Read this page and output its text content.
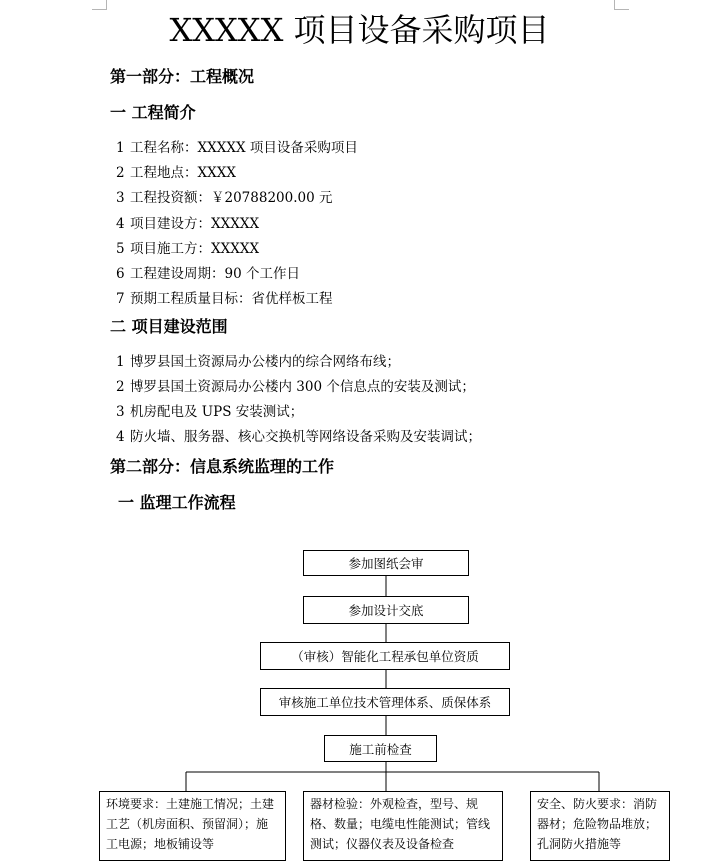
XXXXX 项目设备采购项目
第一部分：工程概况
一 工程简介
1 工程名称：XXXXX 项目设备采购项目
2 工程地点：XXXX
3 工程投资额：￥20788200.00 元
4 项目建设方：XXXXX
5 项目施工方：XXXXX
6 工程建设周期：90 个工作日
7 预期工程质量目标：省优样板工程
二 项目建设范围
1 博罗县国土资源局办公楼内的综合网络布线；
2 博罗县国土资源局办公楼内 300 个信息点的安装及测试；
3 机房配电及 UPS 安装测试；
4 防火墙、服务器、核心交换机等网络设备采购及安装调试；
第二部分：信息系统监理的工作
一 监理工作流程
参加图纸会审
参加设计交底
（审核）智能化工程承包单位资质
审核施工单位技术管理体系、质保体系
施工前检查
环境要求：土建施工情况；土建工艺（机房面积、预留洞）；施工电源；地板铺设等
器材检验：外观检查，型号、规格、数量；电缆电性能测试；管线测试；仪器仪表及设备检查
安全、防火要求：消防器材；危险物品堆放；孔洞防火措施等
